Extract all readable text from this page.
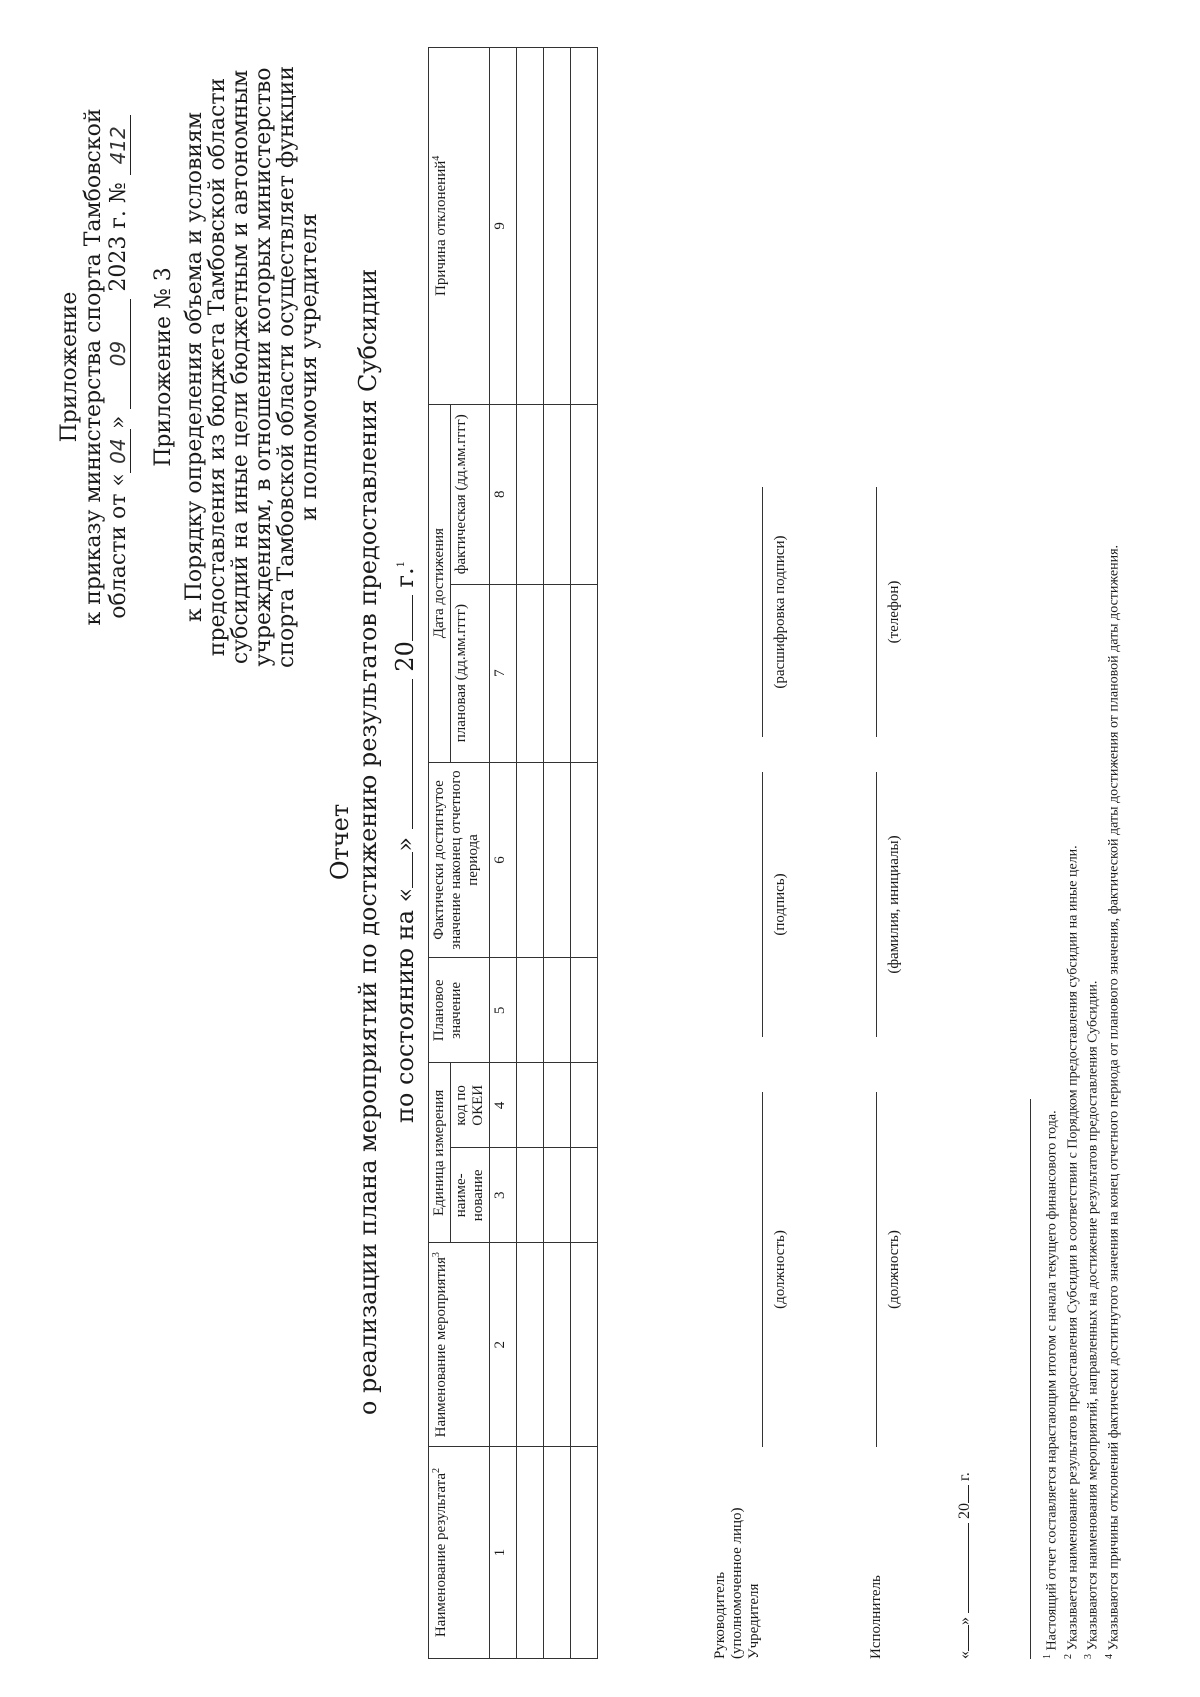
Приложение к приказу министерства спорта Тамбовской области от «04» 09 2023 г. № 412
Приложение № 3 к Порядку определения объема и условиям
предоставления из бюджета Тамбовской области
субсидий на иные цели бюджетным и автономным
учреждениям, в отношении которых министерство
спорта Тамбовской области осуществляет функции
и полномочия учредителя
Отчет о реализации плана мероприятий по достижению результатов предоставления Субсидии по состоянию на «»  20 г.$^1$
Наименование результата$^2$	Наименование мероприятия$^3$	Единица измерения		Плановое значение	Фактически достигнутое значение наконец отчетного периода	Дата достижения		Причина отклонений$^4$
		наиме-нование	код по ОКЕИ			плановая (дд.мм.гггг)	фактическая (дд.мм.гггг)	
1	2	3	4	5	6	7	8	9

Руководитель (уполномоченное лицо) Учредителя
(должность)
(подпись)
(расшифровка подписи)
Исполнитель
(должность)
(фамилия, инициалы)
(телефон)
«»  20 г.
$^1$ Настоящий отчет составляется нарастающим итогом с начала текущего финансового года.
$^2$ Указывается наименование результатов предоставления Субсидии в соответствии с Порядком предоставления субсидии на иные цели.
$^3$ Указываются наименования мероприятий, направленных на достижение результатов предоставления Субсидии.
$^4$ Указываются причины отклонений фактически достигнутого значения на конец отчетного периода от планового значения, фактической даты достижения от плановой даты достижения.
